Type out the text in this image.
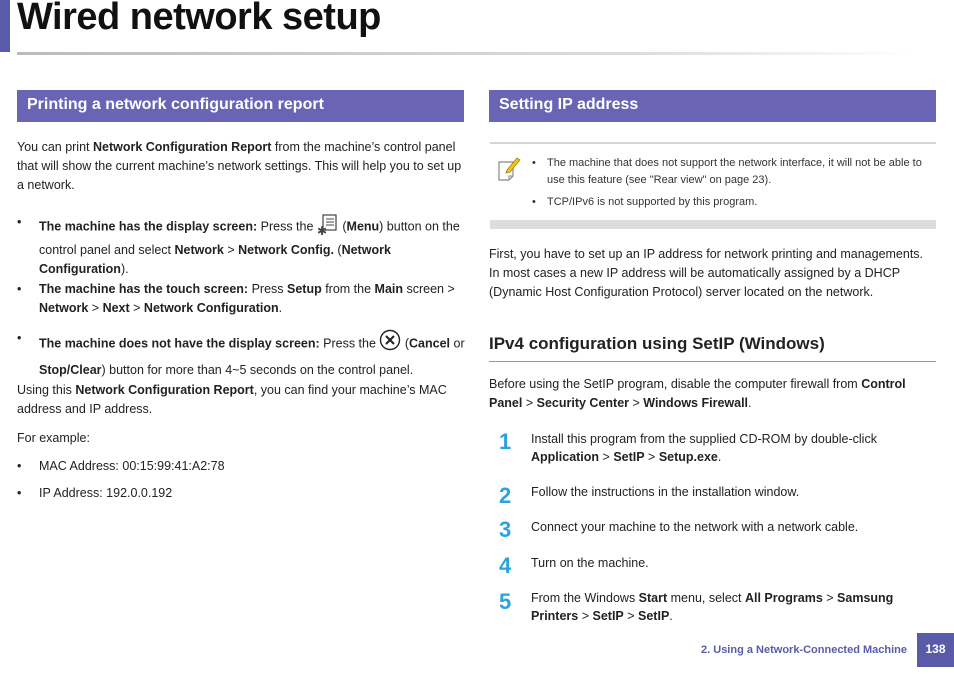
Wired network setup
Printing a network configuration report

You can print Network Configuration Report from the machine’s control panel that will show the current machine’s network settings. This will help you to set up a network.

• The machine has the display screen: Press the ✱ (Menu) button on the control panel and select Network > Network Config. (Network Configuration).
• The machine has the touch screen: Press Setup from the Main screen > Network > Next > Network Configuration.
• The machine does not have the display screen: Press the  (Cancel or
Stop/Clear) button for more than 4~5 seconds on the control panel.

Using this Network Configuration Report, you can find your machine’s MAC address and IP address.

For example:

• MAC Address: 00:15:99:41:A2:78
• IP Address: 192.0.0.192
Setting IP address
• The machine that does not support the network interface, it will not be able to use this feature (see "Rear view" on page 23).
• TCP/IPv6 is not supported by this program.

First, you have to set up an IP address for network printing and managements. In most cases a new IP address will be automatically assigned by a DHCP (Dynamic Host Configuration Protocol) server located on the network.

IPv4 configuration using SetIP (Windows)

Before using the SetIP program, disable the computer firewall from Control Panel > Security Center > Windows Firewall.

1 Install this program from the supplied CD-ROM by double-click Application > SetIP > Setup.exe.
2 Follow the instructions in the installation window.
3 Connect your machine to the network with a network cable.
4 Turn on the machine.
5 From the Windows Start menu, select All Programs > Samsung Printers > SetIP > SetIP.
2. Using a Network-Connected Machine	138
